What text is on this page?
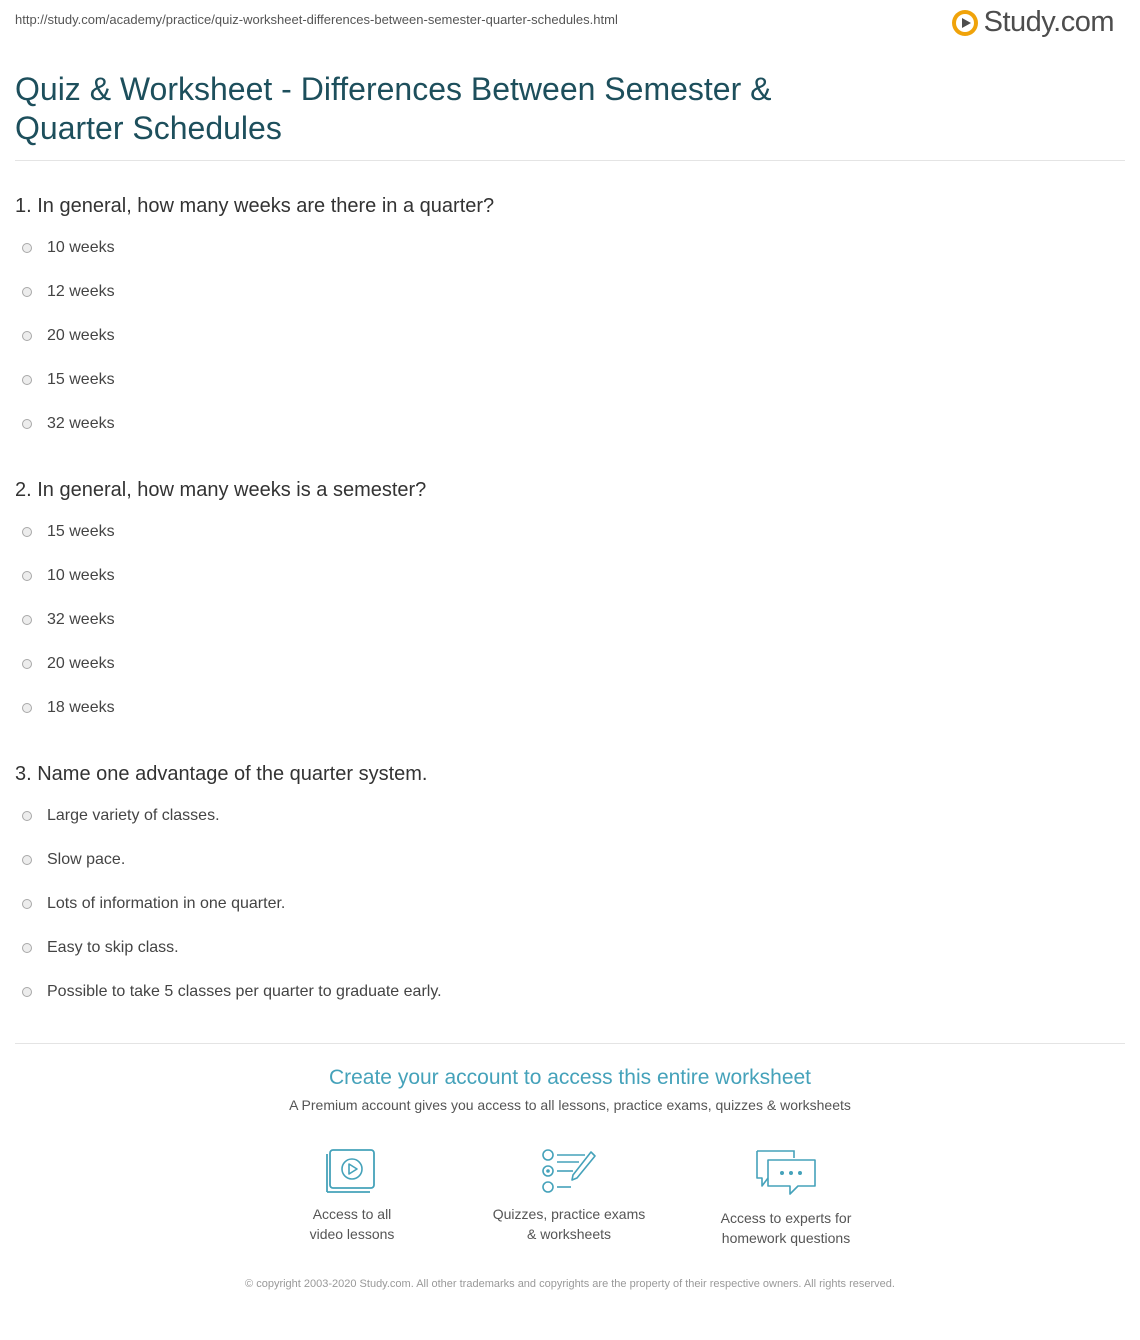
http://study.com/academy/practice/quiz-worksheet-differences-between-semester-quarter-schedules.html	Study.com
Quiz & Worksheet - Differences Between Semester & Quarter Schedules
1. In general, how many weeks are there in a quarter?
10 weeks
12 weeks
20 weeks
15 weeks
32 weeks
2. In general, how many weeks is a semester?
15 weeks
10 weeks
32 weeks
20 weeks
18 weeks
3. Name one advantage of the quarter system.
Large variety of classes.
Slow pace.
Lots of information in one quarter.
Easy to skip class.
Possible to take 5 classes per quarter to graduate early.
Create your account to access this entire worksheet
A Premium account gives you access to all lessons, practice exams, quizzes & worksheets
Access to all
video lessons
Quizzes, practice exams
& worksheets
Access to experts for
homework questions
© copyright 2003-2020 Study.com. All other trademarks and copyrights are the property of their respective owners. All rights reserved.
